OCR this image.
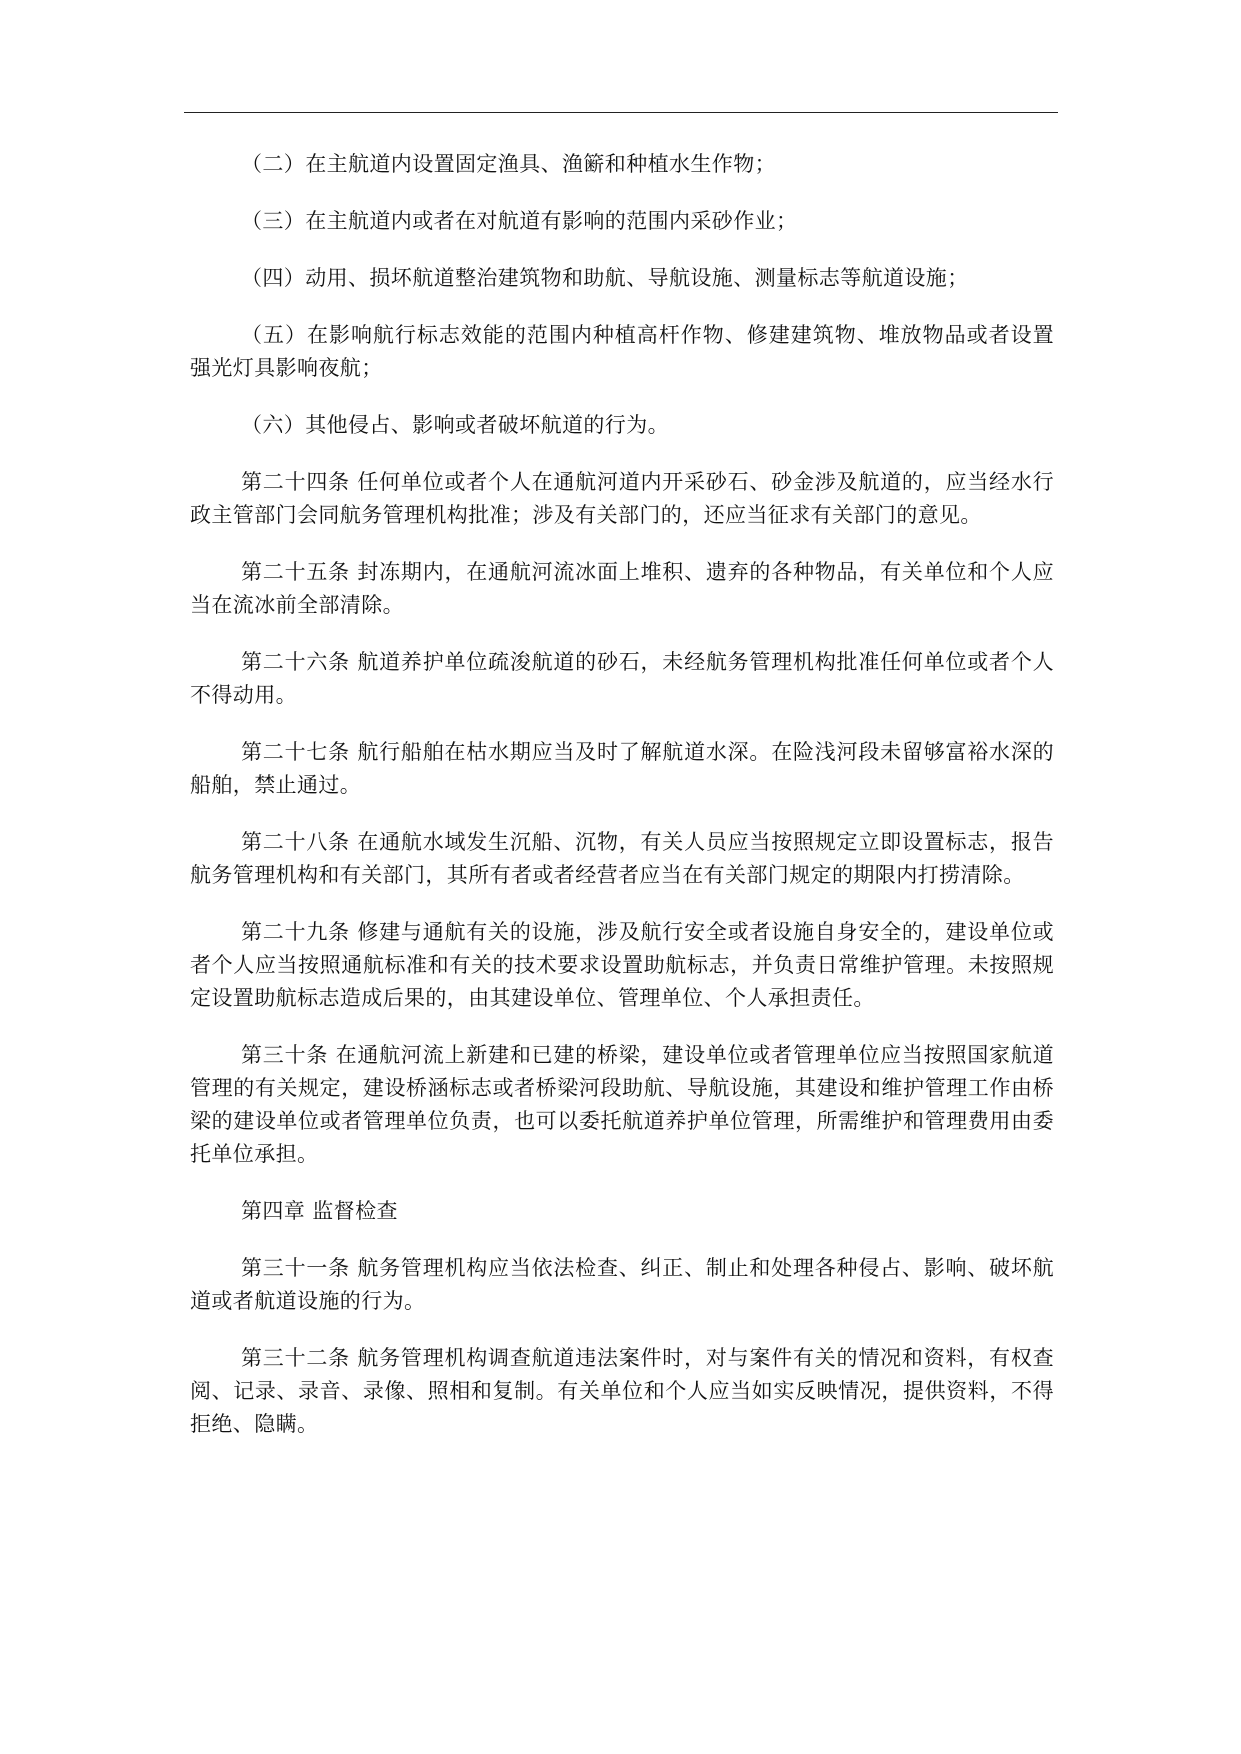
（二）在主航道内设置固定渔具、渔簖和种植水生作物；

（三）在主航道内或者在对航道有影响的范围内采砂作业；

（四）动用、损坏航道整治建筑物和助航、导航设施、测量标志等航道设施；

（五）在影响航行标志效能的范围内种植高杆作物、修建建筑物、堆放物品或者设置强光灯具影响夜航；

（六）其他侵占、影响或者破坏航道的行为。

第二十四条 任何单位或者个人在通航河道内开采砂石、砂金涉及航道的，应当经水行政主管部门会同航务管理机构批准；涉及有关部门的，还应当征求有关部门的意见。

第二十五条 封冻期内，在通航河流冰面上堆积、遗弃的各种物品，有关单位和个人应当在流冰前全部清除。

第二十六条 航道养护单位疏浚航道的砂石，未经航务管理机构批准任何单位或者个人不得动用。

第二十七条 航行船舶在枯水期应当及时了解航道水深。在险浅河段未留够富裕水深的船舶，禁止通过。

第二十八条 在通航水域发生沉船、沉物，有关人员应当按照规定立即设置标志，报告航务管理机构和有关部门，其所有者或者经营者应当在有关部门规定的期限内打捞清除。

第二十九条 修建与通航有关的设施，涉及航行安全或者设施自身安全的，建设单位或者个人应当按照通航标准和有关的技术要求设置助航标志，并负责日常维护管理。未按照规定设置助航标志造成后果的，由其建设单位、管理单位、个人承担责任。

第三十条 在通航河流上新建和已建的桥梁，建设单位或者管理单位应当按照国家航道管理的有关规定，建设桥涵标志或者桥梁河段助航、导航设施，其建设和维护管理工作由桥梁的建设单位或者管理单位负责，也可以委托航道养护单位管理，所需维护和管理费用由委托单位承担。

第四章 监督检查

第三十一条 航务管理机构应当依法检查、纠正、制止和处理各种侵占、影响、破坏航道或者航道设施的行为。

第三十二条 航务管理机构调查航道违法案件时，对与案件有关的情况和资料，有权查阅、记录、录音、录像、照相和复制。有关单位和个人应当如实反映情况，提供资料，不得拒绝、隐瞒。
